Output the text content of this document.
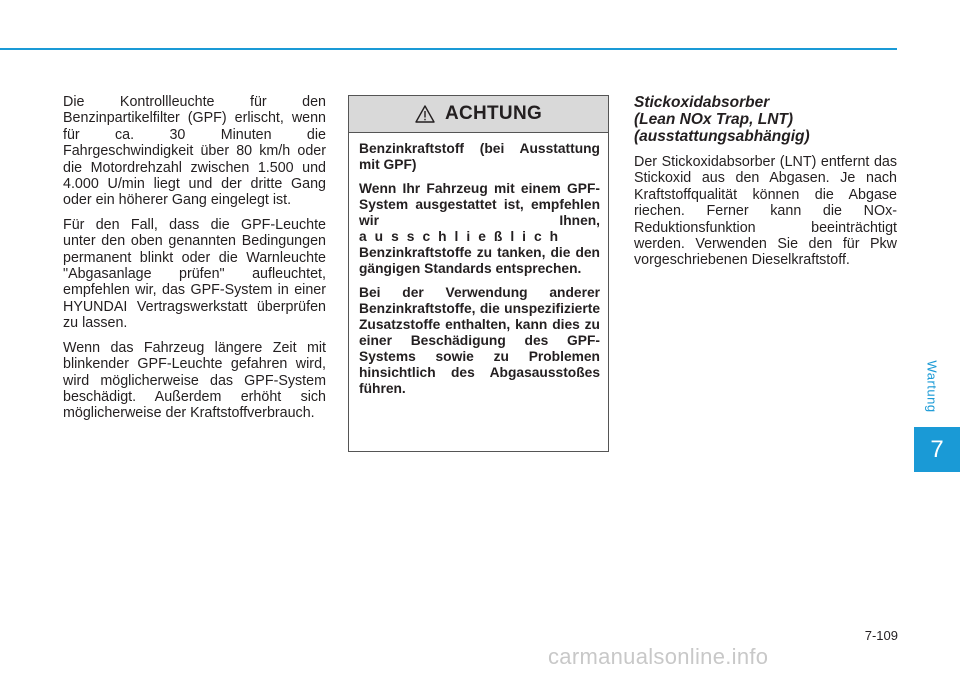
Die Kontrollleuchte für den Benzinpartikelfilter (GPF) erlischt, wenn für ca. 30 Minuten die Fahrgeschwindigkeit über 80 km/h oder die Motordrehzahl zwischen 1.500 und 4.000 U/min liegt und der dritte Gang oder ein höherer Gang eingelegt ist.

Für den Fall, dass die GPF-Leuchte unter den oben genannten Bedingungen permanent blinkt oder die Warnleuchte "Abgasanlage prüfen" aufleuchtet, empfehlen wir, das GPF-System in einer HYUNDAI Vertragswerkstatt überprüfen zu lassen.

Wenn das Fahrzeug längere Zeit mit blinkender GPF-Leuchte gefahren wird, wird möglicherweise das GPF-System beschädigt. Außerdem erhöht sich möglicherweise der Kraftstoffverbrauch.

ACHTUNG

Benzinkraftstoff (bei Ausstattung mit GPF)

Wenn Ihr Fahrzeug mit einem GPF-System ausgestattet ist, empfehlen wir Ihnen, ausschließlich Benzinkraftstoffe zu tanken, die den gängigen Standards entsprechen.

Bei der Verwendung anderer Benzinkraftstoffe, die unspezifizierte Zusatzstoffe enthalten, kann dies zu einer Beschädigung des GPF-Systems sowie zu Problemen hinsichtlich des Abgasausstoßes führen.

Stickoxidabsorber
(Lean NOx Trap, LNT)
(ausstattungsabhängig)

Der Stickoxidabsorber (LNT) entfernt das Stickoxid aus den Abgasen. Je nach Kraftstoffqualität können die Abgase riechen. Ferner kann die NOx-Reduktionsfunktion beeinträchtigt werden. Verwenden Sie den für Pkw vorgeschriebenen Dieselkraftstoff.

Wartung
7
7-109
carmanualsonline.info
